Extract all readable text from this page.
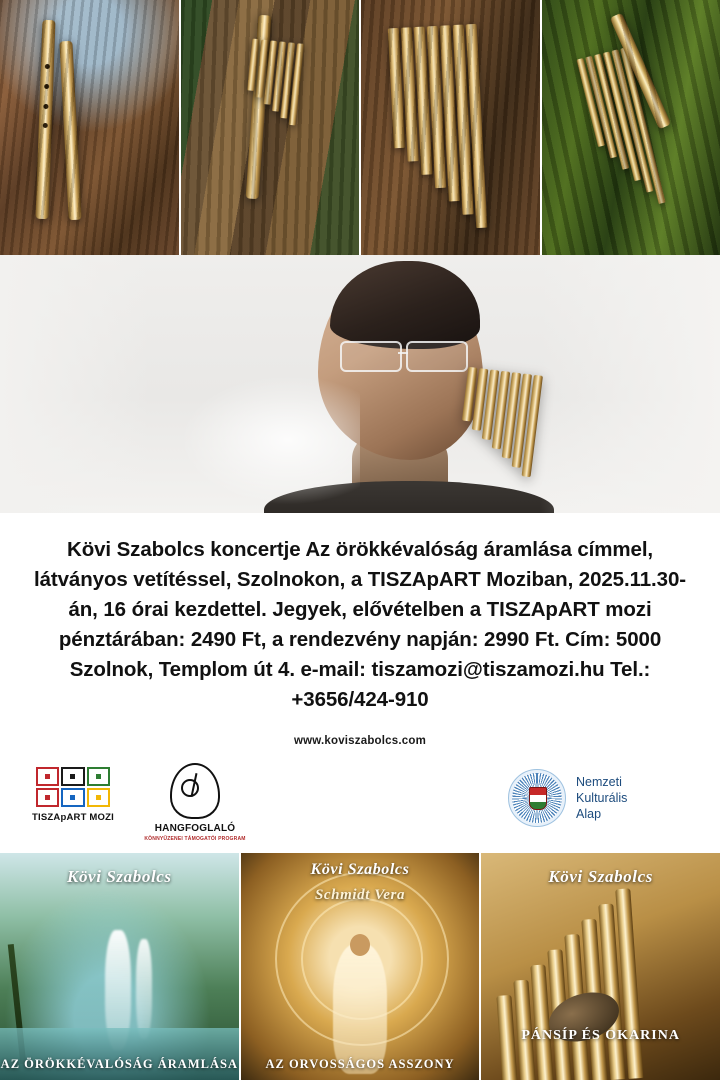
Kövi Szabolcs koncertje Az örökkévalóság áramlása címmel, látványos vetítéssel, Szolnokon, a TISZApART Moziban, 2025.11.30-án, 16 órai kezdettel. Jegyek, elővételben a TISZApART mozi pénztárában: 2490 Ft, a rendezvény napján: 2990 Ft. Cím: 5000 Szolnok, Templom út 4. e-mail: tiszamozi@tiszamozi.hu Tel.: +3656/424-910

www.koviszabolcs.com
TISZApART MOZI
HANGFOGLALÓ
KÖNNYŰZENEI TÁMOGATÓI PROGRAM
Nemzeti
Kulturális
Alap
Kövi Szabolcs
AZ ÖRÖKKÉVALÓSÁG ÁRAMLÁSA
Kövi Szabolcs
Schmidt Vera
AZ ORVOSSÁGOS ASSZONY
Kövi Szabolcs
PÁNSÍP ÉS OKARINA
